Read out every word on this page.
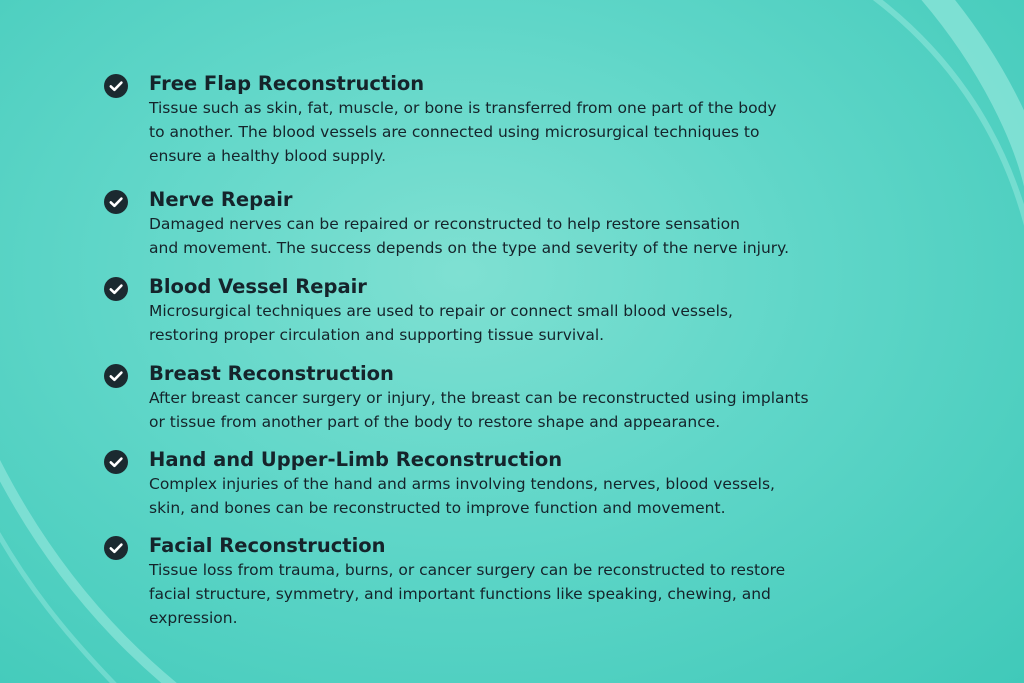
Free Flap Reconstruction

Tissue such as skin, fat, muscle, or bone is transferred from one part of the body
to another. The blood vessels are connected using microsurgical techniques to
ensure a healthy blood supply.

Nerve Repair

Damaged nerves can be repaired or reconstructed to help restore sensation
and movement. The success depends on the type and severity of the nerve injury.

Blood Vessel Repair

Microsurgical techniques are used to repair or connect small blood vessels,
restoring proper circulation and supporting tissue survival.

Breast Reconstruction

After breast cancer surgery or injury, the breast can be reconstructed using implants
or tissue from another part of the body to restore shape and appearance.

Hand and Upper-Limb Reconstruction

Complex injuries of the hand and arms involving tendons, nerves, blood vessels,
skin, and bones can be reconstructed to improve function and movement.

Facial Reconstruction

Tissue loss from trauma, burns, or cancer surgery can be reconstructed to restore
facial structure, symmetry, and important functions like speaking, chewing, and
expression.
